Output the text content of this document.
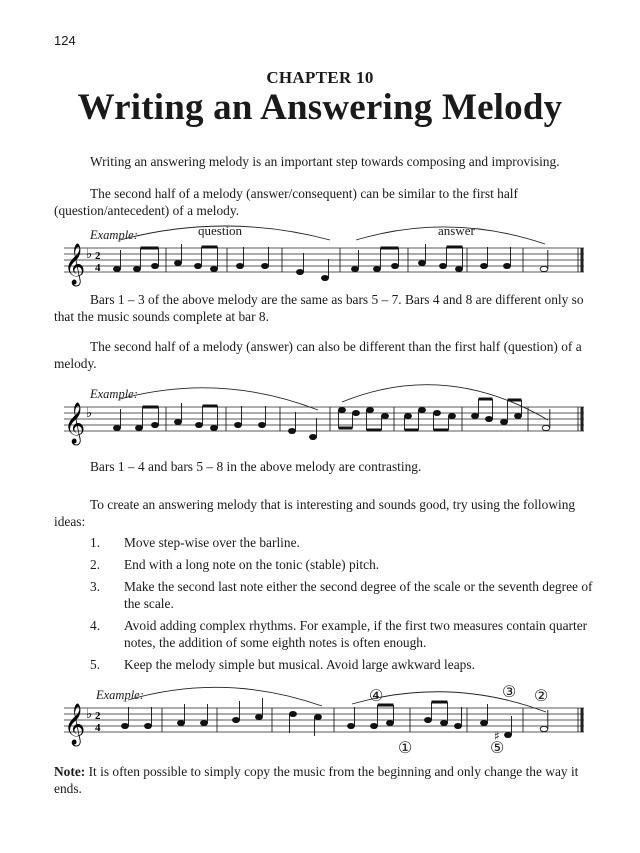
124
CHAPTER 10
Writing an Answering Melody
Writing an answering melody is an important step towards composing and improvising.
The second half of a melody (answer/consequent) can be similar to the first half (question/antecedent) of a melody.
Example:	question	answer
𝄞 ♭ 2
4
Bars 1 – 3 of the above melody are the same as bars 5 – 7. Bars 4 and 8 are different only so that the music sounds complete at bar 8.
The second half of a melody (answer) can also be different than the first half (question) of a melody.
Example:
𝄞 ♭
Bars 1 – 4 and bars 5 – 8 in the above melody are contrasting.
To create an answering melody that is interesting and sounds good, try using the following ideas:
1.	Move step-wise over the barline.
2.	End with a long note on the tonic (stable) pitch.
3.	Make the second last note either the second degree of the scale or the seventh degree of the scale.
4.	Avoid adding complex rhythms. For example, if the first two measures contain quarter notes, the addition of some eighth notes is often enough.
5.	Keep the melody simple but musical. Avoid large awkward leaps.
Example:	④	③ ②
①	⑤
𝄞 ♭ 2
4
♯
Note: It is often possible to simply copy the music from the beginning and only change the way it ends.
